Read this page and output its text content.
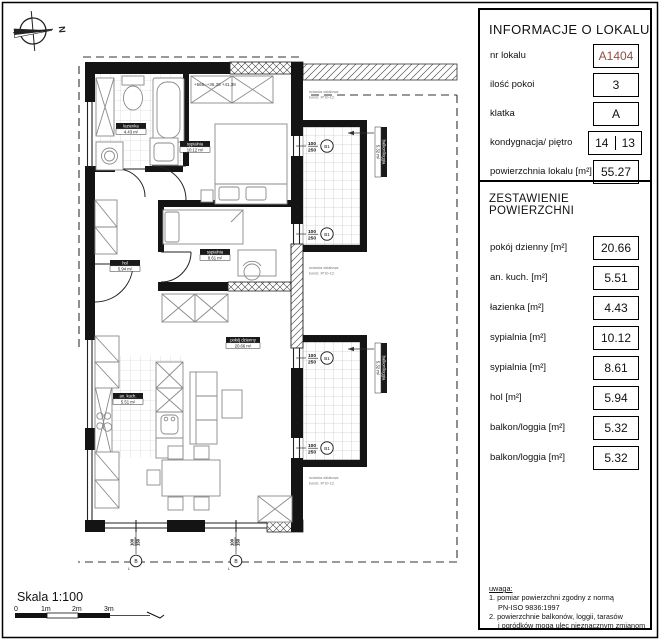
N
łazienka
4.43 m²
sypialnia
10.12 m²
hol
5.94 m²
sypialnia
8.61 m²
pokój dzienny
20.66 m²
an. kuch.
5.51 m²
balkon/loggia
5.32 m²
balkon/loggia
5.32 m²
100
250
B1
100
250
B1
100
250
B1
100
250
B1
100 150
B
L
100 150
B
L
+565=+36,38 +41,38
ścianka działowa
konst. IP10-12
ścianka działowa
konst. IP10-12
ścianka działowa
konst. IP10-12
Skala 1:100
0	1m	2m	3m
INFORMACJE O LOKALU
nr lokalu	A1404
ilość pokoi	3
klatka	A
kondygnacja/ piętro	14	13
powierzchnia lokalu [m²] 55.27
ZESTAWIENIE POWIERZCHNI
pokój dzienny [m²]	20.66
an. kuch. [m²]	5.51
łazienka [m²]	4.43
sypialnia [m²]	10.12
sypialnia [m²]	8.61
hol [m²]	5.94
balkon/loggia [m²]	5.32
balkon/loggia [m²]	5.32
uwaga:
1. pomiar powierzchni zgodny z normą
PN-ISO 9836:1997
2. powierzchnie balkonów, loggii, tarasów
i ogródków mogą ulec nieznacznym zmianom
